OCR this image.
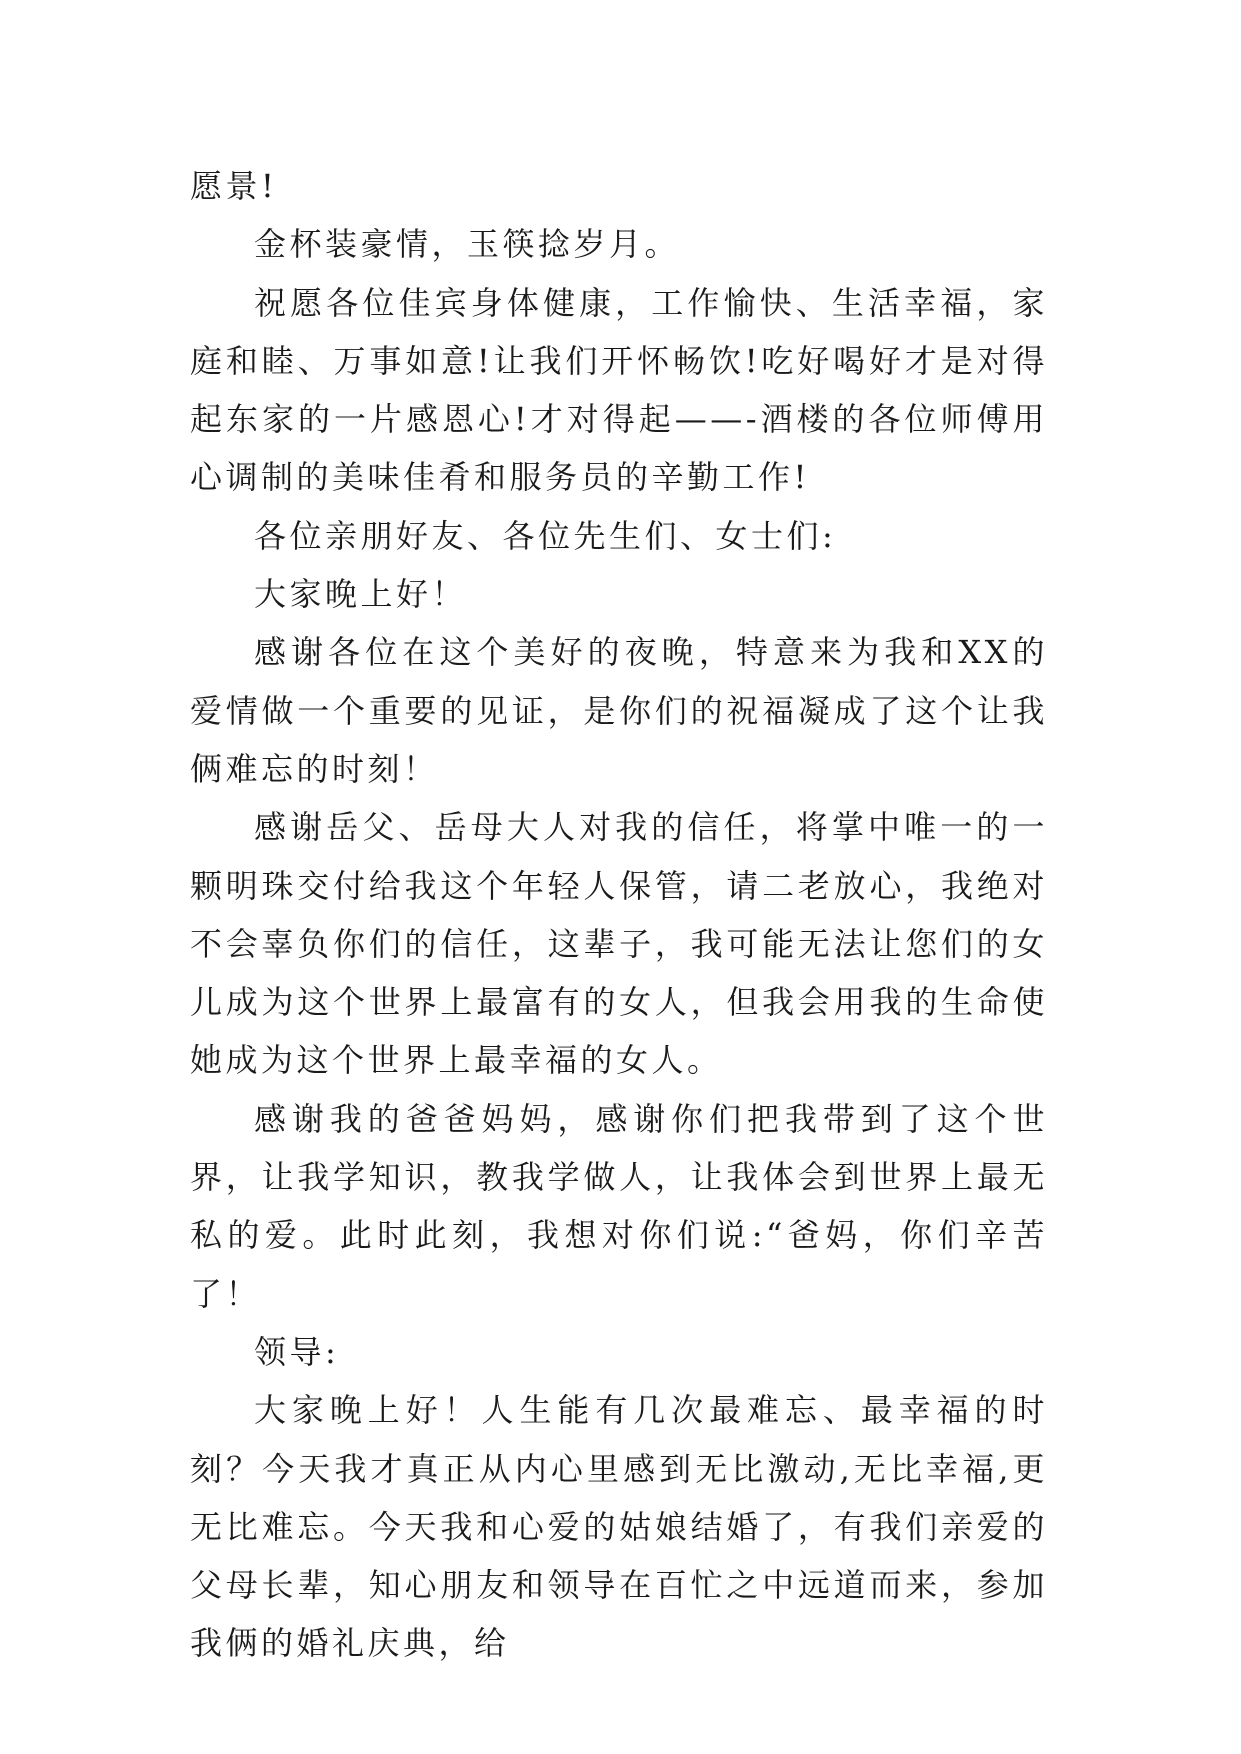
愿景!

金杯装豪情，玉筷捻岁月。

祝愿各位佳宾身体健康，工作愉快、生活幸福，家庭和睦、万事如意!让我们开怀畅饮!吃好喝好才是对得起东家的一片感恩心!才对得起——-酒楼的各位师傅用心调制的美味佳肴和服务员的辛勤工作!

各位亲朋好友、各位先生们、女士们:

大家晚上好！

感谢各位在这个美好的夜晚，特意来为我和XX的爱情做一个重要的见证，是你们的祝福凝成了这个让我俩难忘的时刻！

感谢岳父、岳母大人对我的信任，将掌中唯一的一颗明珠交付给我这个年轻人保管，请二老放心，我绝对不会辜负你们的信任，这辈子，我可能无法让您们的女儿成为这个世界上最富有的女人，但我会用我的生命使她成为这个世界上最幸福的女人。

感谢我的爸爸妈妈，感谢你们把我带到了这个世界，让我学知识，教我学做人，让我体会到世界上最无私的爱。此时此刻，我想对你们说:“爸妈，你们辛苦了！

领导:

大家晚上好！人生能有几次最难忘、最幸福的时刻？今天我才真正从内心里感到无比激动,无比幸福,更无比难忘。今天我和心爱的姑娘结婚了，有我们亲爱的父母长辈，知心朋友和领导在百忙之中远道而来，参加我俩的婚礼庆典，给
